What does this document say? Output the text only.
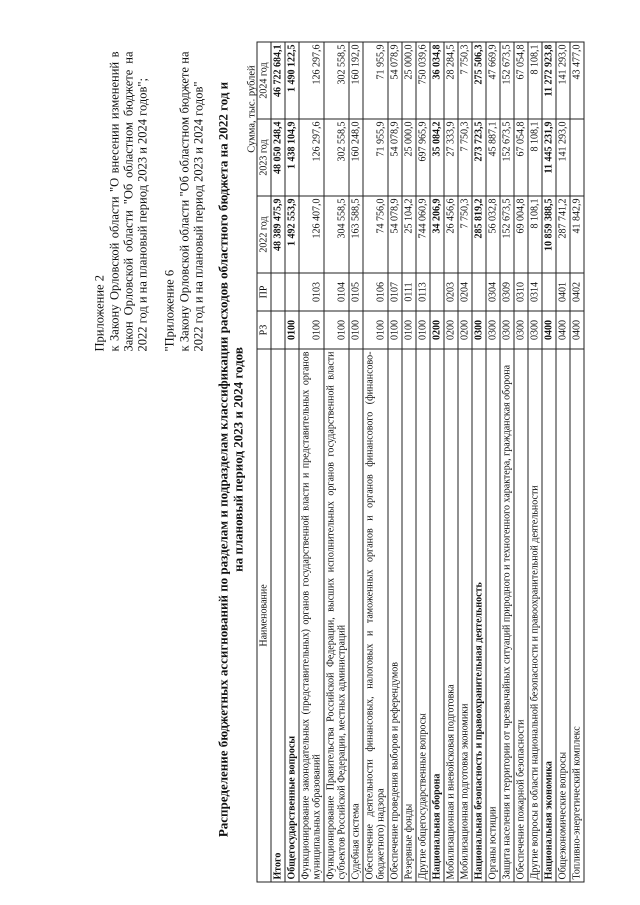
Приложение 2 к Закону Орловской области "О внесении изменений в Закон Орловской области "Об областном бюджете на 2022 год и на плановый период 2023 и 2024 годов"; "Приложение 6 к Закону Орловской области "Об областном бюджете на 2022 год и на плановый период 2023 и 2024 годов" Распределение бюджетных ассигнований по разделам и подразделам классификации расходов областного бюджета на 2022 год и на плановый период 2023 и 2024 годов
Сумма, тыс. рублей
Наименование	РЗ	ПР	2022 год	2023 год	2024 год
Итого			48 389 475,9	48 050 248,4	46 722 684,1
Общегосударственные вопросы	0100		1 492 553,9	1 438 104,9	1 490 122,5
Функционирование законодательных (представительных) органов государственной власти и представительных органов муниципальных образований	0100	0103	126 407,0	126 297,6	126 297,6
Функционирование Правительства Российской Федерации, высших исполнительных органов государственной власти субъектов Российской Федерации, местных администраций	0100	0104	304 558,5	302 558,5	302 558,5
Судебная система	0100	0105	163 588,5	160 248,0	160 192,0
Обеспечение деятельности финансовых, налоговых и таможенных органов и органов финансового (финансово-бюджетного) надзора	0100	0106	74 756,0	71 955,9	71 955,9
Обеспечение проведения выборов и референдумов	0100	0107	54 078,9	54 078,9	54 078,9
Резервные фонды	0100	0111	25 104,2	25 000,0	25 000,0
Другие общегосударственные вопросы	0100	0113	744 060,9	697 965,9	750 039,6
Национальная оборона	0200		34 206,9	35 084,2	36 034,8
Мобилизационная и вневойсковая подготовка	0200	0203	26 456,6	27 333,9	28 284,5
Мобилизационная подготовка экономики	0200	0204	7 750,3	7 750,3	7 750,3
Национальная безопасность и правоохранительная деятельность	0300		285 819,2	273 723,5	275 506,3
Органы юстиции	0300	0304	56 032,8	45 887,1	47 669,9
Защита населения и территории от чрезвычайных ситуаций природного и техногенного характера, гражданская оборона	0300	0309	152 673,5	152 673,5	152 673,5
Обеспечение пожарной безопасности	0300	0310	69 004,8	67 054,8	67 054,8
Другие вопросы в области национальной безопасности и правоохранительной деятельности	0300	0314	8 108,1	8 108,1	8 108,1
Национальная экономика	0400		10 859 388,5	11 445 231,9	11 272 923,8
Общеэкономические вопросы	0400	0401	287 741,2	141 293,0	141 293,0
Топливно-энергетический комплекс	0400	0402	41 842,9		43 477,0
